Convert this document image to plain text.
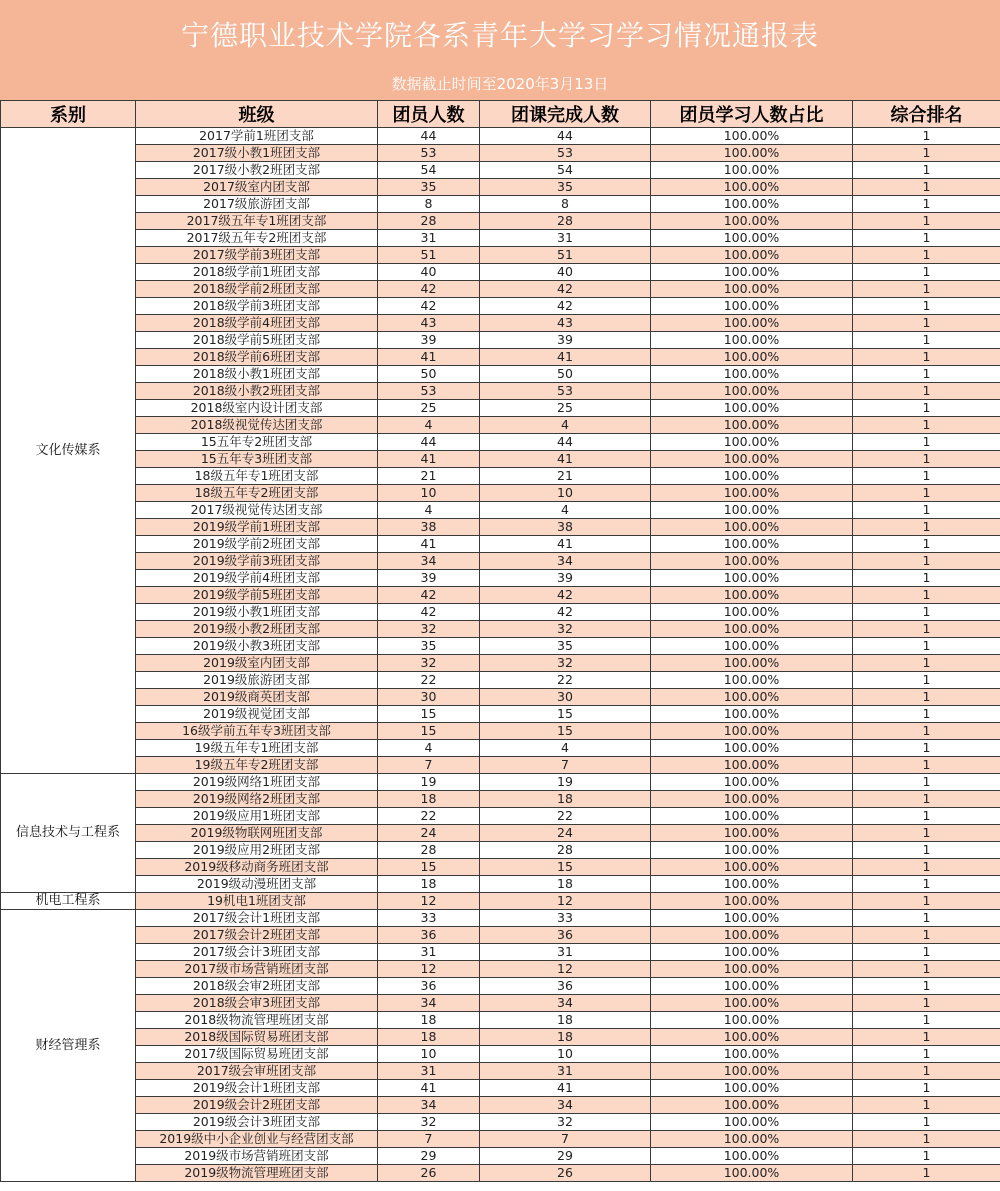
宁德职业技术学院各系青年大学习学习情况通报表
数据截止时间至2020年3月13日
系别	班级	团员人数	团课完成人数	团员学习人数占比	综合排名
文化传媒系	2017学前1班团支部	44	44	100.00%	1
	2017级小教1班团支部	53	53	100.00%	1
	2017级小教2班团支部	54	54	100.00%	1
	2017级室内团支部	35	35	100.00%	1
	2017级旅游团支部	8	8	100.00%	1
	2017级五年专1班团支部	28	28	100.00%	1
	2017级五年专2班团支部	31	31	100.00%	1
	2017级学前3班团支部	51	51	100.00%	1
	2018级学前1班团支部	40	40	100.00%	1
	2018级学前2班团支部	42	42	100.00%	1
	2018级学前3班团支部	42	42	100.00%	1
	2018级学前4班团支部	43	43	100.00%	1
	2018级学前5班团支部	39	39	100.00%	1
	2018级学前6班团支部	41	41	100.00%	1
	2018级小教1班团支部	50	50	100.00%	1
	2018级小教2班团支部	53	53	100.00%	1
	2018级室内设计团支部	25	25	100.00%	1
	2018级视觉传达团支部	4	4	100.00%	1
	15五年专2班团支部	44	44	100.00%	1
	15五年专3班团支部	41	41	100.00%	1
	18级五年专1班团支部	21	21	100.00%	1
	18级五年专2班团支部	10	10	100.00%	1
	2017级视觉传达团支部	4	4	100.00%	1
	2019级学前1班团支部	38	38	100.00%	1
	2019级学前2班团支部	41	41	100.00%	1
	2019级学前3班团支部	34	34	100.00%	1
	2019级学前4班团支部	39	39	100.00%	1
	2019级学前5班团支部	42	42	100.00%	1
	2019级小教1班团支部	42	42	100.00%	1
	2019级小教2班团支部	32	32	100.00%	1
	2019级小教3班团支部	35	35	100.00%	1
	2019级室内团支部	32	32	100.00%	1
	2019级旅游团支部	22	22	100.00%	1
	2019级商英团支部	30	30	100.00%	1
	2019级视觉团支部	15	15	100.00%	1
	16级学前五年专3班团支部	15	15	100.00%	1
	19级五年专1班团支部	4	4	100.00%	1
	19级五年专2班团支部	7	7	100.00%	1
信息技术与工程系	2019级网络1班团支部	19	19	100.00%	1
	2019级网络2班团支部	18	18	100.00%	1
	2019级应用1班团支部	22	22	100.00%	1
	2019级物联网班团支部	24	24	100.00%	1
	2019级应用2班团支部	28	28	100.00%	1
	2019级移动商务班团支部	15	15	100.00%	1
	2019级动漫班团支部	18	18	100.00%	1
机电工程系	19机电1班团支部	12	12	100.00%	1
财经管理系	2017级会计1班团支部	33	33	100.00%	1
	2017级会计2班团支部	36	36	100.00%	1
	2017级会计3班团支部	31	31	100.00%	1
	2017级市场营销班团支部	12	12	100.00%	1
	2018级会审2班团支部	36	36	100.00%	1
	2018级会审3班团支部	34	34	100.00%	1
	2018级物流管理班团支部	18	18	100.00%	1
	2018级国际贸易班团支部	18	18	100.00%	1
	2017级国际贸易班团支部	10	10	100.00%	1
	2017级会审班团支部	31	31	100.00%	1
	2019级会计1班团支部	41	41	100.00%	1
	2019级会计2班团支部	34	34	100.00%	1
	2019级会计3班团支部	32	32	100.00%	1
	2019级中小企业创业与经营团支部	7	7	100.00%	1
	2019级市场营销班团支部	29	29	100.00%	1
	2019级物流管理班团支部	26	26	100.00%	1
